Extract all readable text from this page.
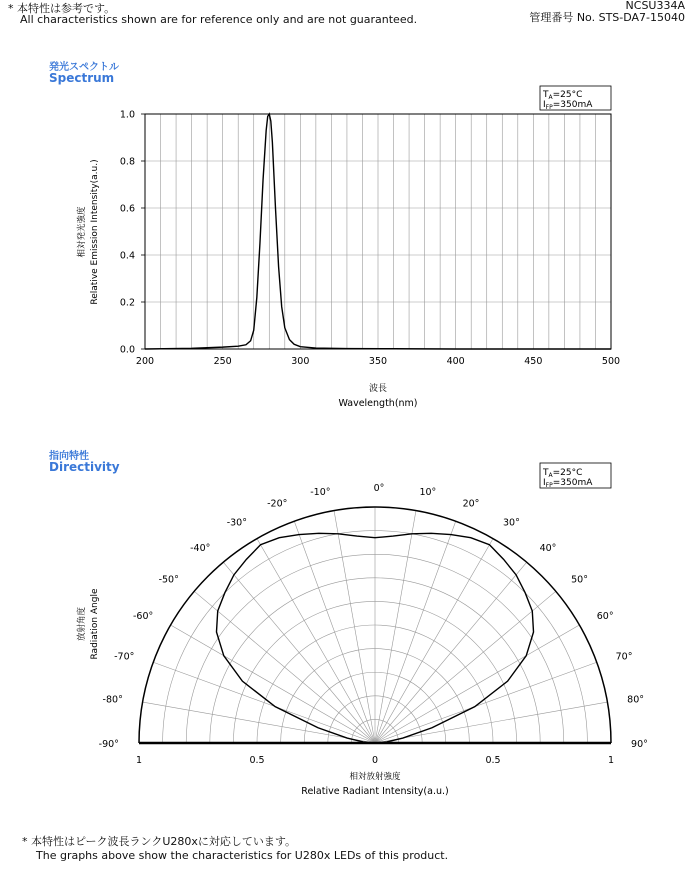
* 本特性は参考です。
All characteristics shown are for reference only and are not guaranteed.
NCSU334A
管理番号 No. STS-DA7-15040
発光スペクトル
Spectrum
200	250	300	350	400	450	500
0.0
0.2
0.4
0.6
0.8
1.0
$T_A=25^\circ C$
$I_{FP}=350mA$
波長
Wavelength(nm)
相対発光強度 Relative Emission Intensity(a.u.)
指向特性
Directivity
-90°
-80°
-70°
-60°
-50°
-40°
-30°
-20°
-10°	0°	10°
20°
30°
40°
50°
60°
70°
80°
90°
1	0.5	0	0.5	1
$T_A=25^\circ C$
$I_{FP}=350mA$
相対放射強度
Relative Radiant Intensity(a.u.)
放射角度 Radiation Angle
* 本特性はピーク波長ランクU280xに対応しています。
The graphs above show the characteristics for U280x LEDs of this product.
